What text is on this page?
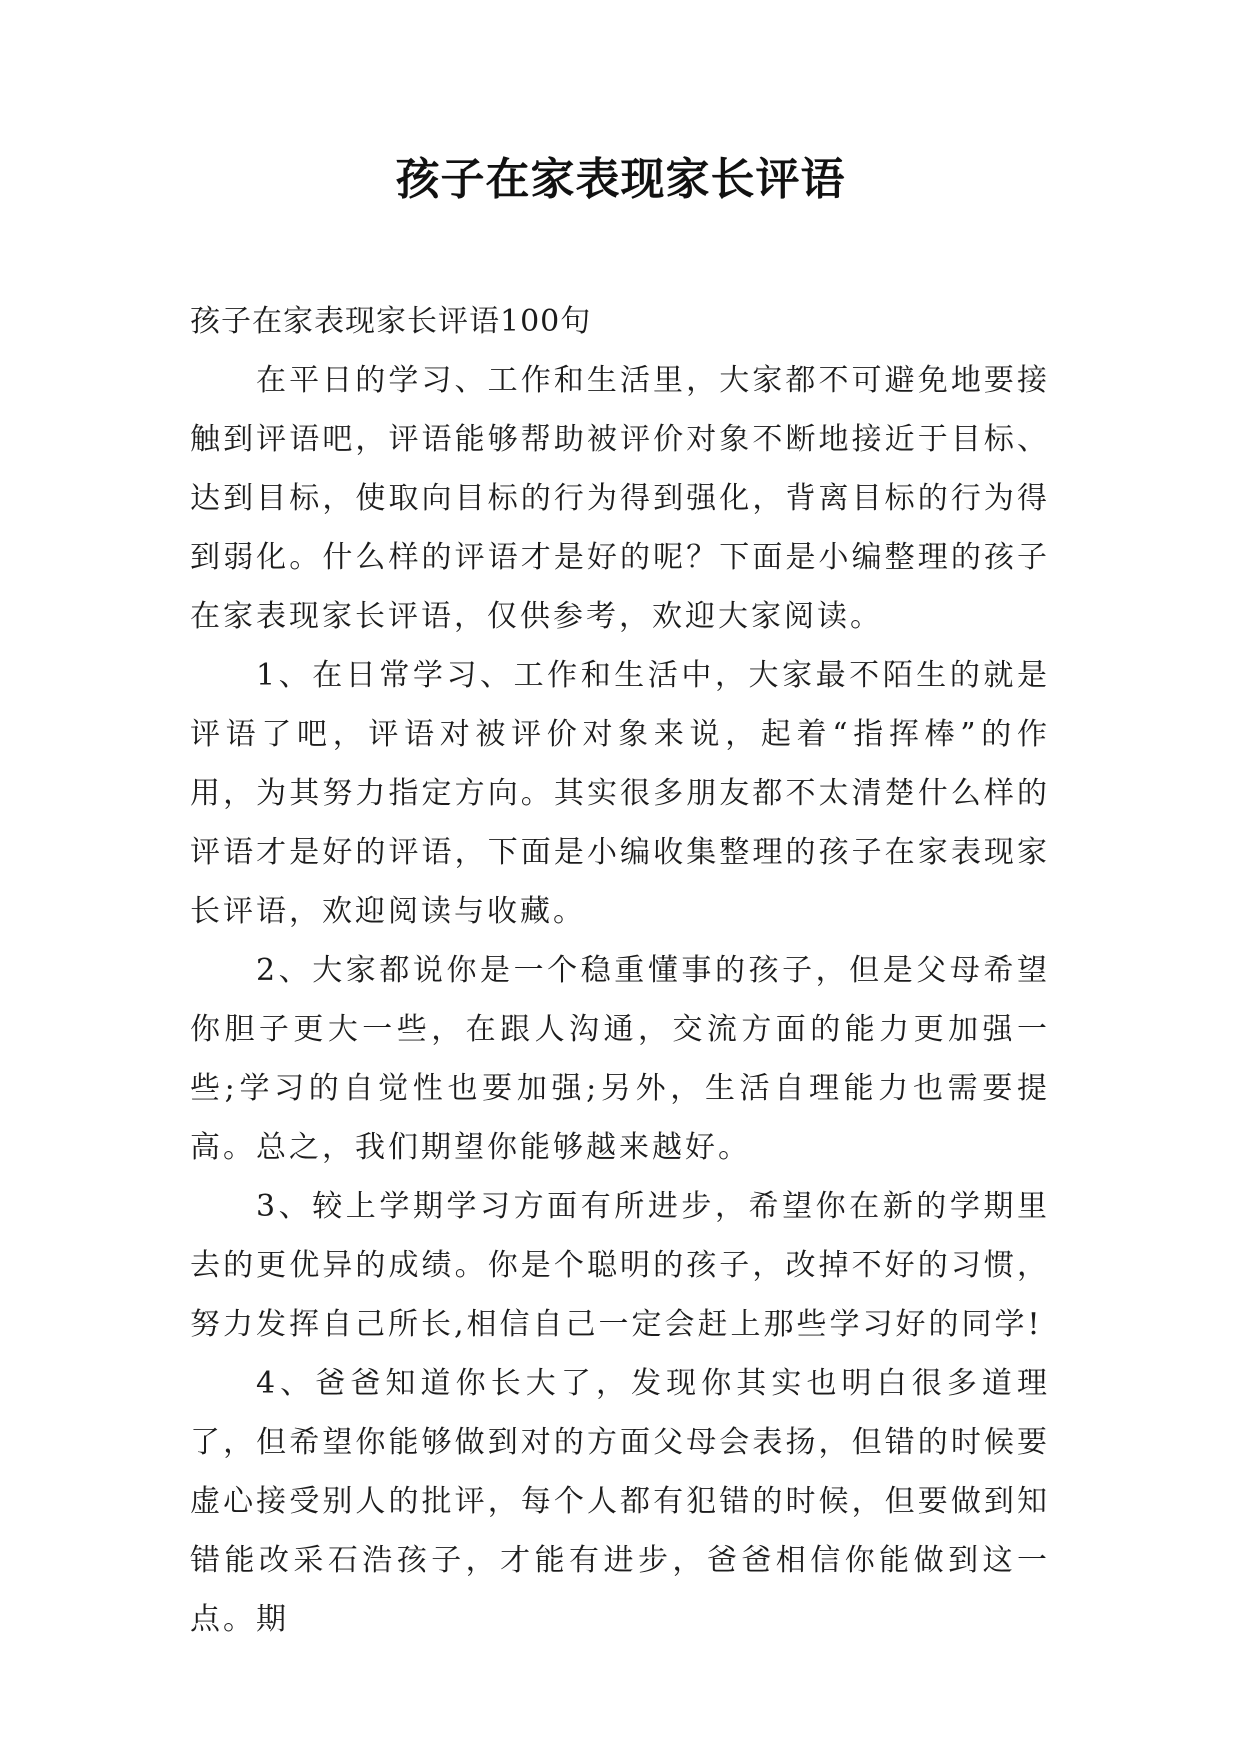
孩子在家表现家长评语

孩子在家表现家长评语100句

在平日的学习、工作和生活里，大家都不可避免地要接触到评语吧，评语能够帮助被评价对象不断地接近于目标、达到目标，使取向目标的行为得到强化，背离目标的行为得到弱化。什么样的评语才是好的呢？下面是小编整理的孩子在家表现家长评语，仅供参考，欢迎大家阅读。

1、在日常学习、工作和生活中，大家最不陌生的就是评语了吧，评语对被评价对象来说，起着“指挥棒”的作用，为其努力指定方向。其实很多朋友都不太清楚什么样的评语才是好的评语，下面是小编收集整理的孩子在家表现家长评语，欢迎阅读与收藏。

2、大家都说你是一个稳重懂事的孩子，但是父母希望你胆子更大一些，在跟人沟通，交流方面的能力更加强一些;学习的自觉性也要加强;另外，生活自理能力也需要提高。总之，我们期望你能够越来越好。

3、较上学期学习方面有所进步，希望你在新的学期里去的更优异的成绩。你是个聪明的孩子，改掉不好的习惯，努力发挥自己所长,相信自己一定会赶上那些学习好的同学!

4、爸爸知道你长大了，发现你其实也明白很多道理了，但希望你能够做到对的方面父母会表扬，但错的时候要虚心接受别人的批评，每个人都有犯错的时候，但要做到知错能改采石浩孩子，才能有进步，爸爸相信你能做到这一点。期
